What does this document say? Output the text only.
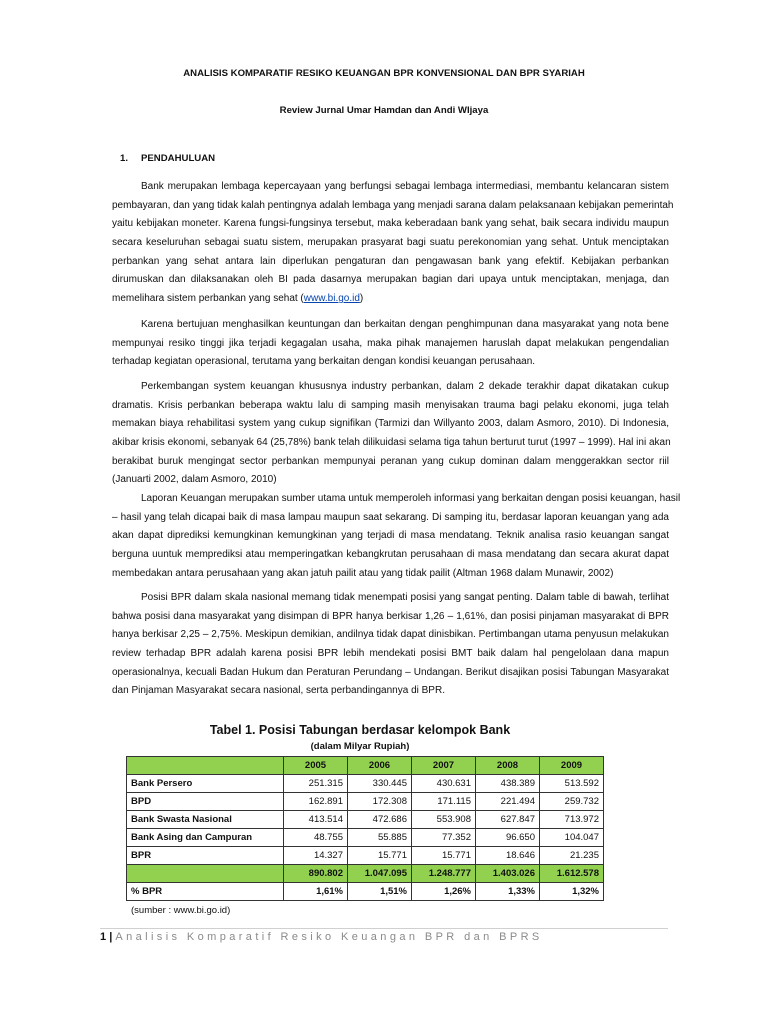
ANALISIS KOMPARATIF RESIKO KEUANGAN BPR KONVENSIONAL DAN BPR SYARIAH
Review Jurnal Umar Hamdan dan Andi WIjaya
1. PENDAHULUAN
Bank merupakan lembaga kepercayaan yang berfungsi sebagai lembaga intermediasi, membantu kelancaran sistem
pembayaran, dan yang tidak kalah pentingnya adalah lembaga yang menjadi sarana dalam pelaksanaan kebijakan pemerintah
yaitu kebijakan moneter. Karena fungsi-fungsinya tersebut, maka keberadaan bank yang sehat, baik secara individu maupun
secara keseluruhan sebagai suatu sistem, merupakan prasyarat bagi suatu perekonomian yang sehat. Untuk menciptakan
perbankan yang sehat antara lain diperlukan pengaturan dan pengawasan bank yang efektif. Kebijakan perbankan
dirumuskan dan dilaksanakan oleh BI pada dasarnya merupakan bagian dari upaya untuk menciptakan, menjaga, dan
memelihara sistem perbankan yang sehat (www.bi.go.id)
Karena bertujuan menghasilkan keuntungan dan berkaitan dengan penghimpunan dana masyarakat yang nota bene
mempunyai resiko tinggi jika terjadi kegagalan usaha, maka pihak manajemen haruslah dapat melakukan pengendalian
terhadap kegiatan operasional, terutama yang berkaitan dengan kondisi keuangan perusahaan.
Perkembangan system keuangan khususnya industry perbankan, dalam 2 dekade terakhir dapat dikatakan cukup
dramatis. Krisis perbankan beberapa waktu lalu di samping masih menyisakan trauma bagi pelaku ekonomi, juga telah
memakan biaya rehabilitasi system yang cukup signifikan (Tarmizi dan Willyanto 2003, dalam Asmoro, 2010). Di Indonesia,
akibar krisis ekonomi, sebanyak 64 (25,78%) bank telah dilikuidasi selama tiga tahun berturut turut (1997 – 1999). Hal ini akan
berakibat buruk mengingat sector perbankan mempunyai peranan yang cukup dominan dalam menggerakkan sector riil
(Januarti 2002, dalam Asmoro, 2010)
Laporan Keuangan merupakan sumber utama untuk memperoleh informasi yang berkaitan dengan posisi keuangan, hasil
– hasil yang telah dicapai baik di masa lampau maupun saat sekarang. Di samping itu, berdasar laporan keuangan yang ada
akan dapat diprediksi kemungkinan kemungkinan yang terjadi di masa mendatang. Teknik analisa rasio keuangan sangat
berguna uuntuk memprediksi atau memperingatkan kebangkrutan perusahaan di masa mendatang dan secara akurat dapat
membedakan antara perusahaan yang akan jatuh pailit atau yang tidak pailit (Altman 1968 dalam Munawir, 2002)
Posisi BPR dalam skala nasional memang tidak menempati posisi yang sangat penting. Dalam table di bawah, terlihat
bahwa posisi dana masyarakat yang disimpan di BPR hanya berkisar 1,26 – 1,61%, dan posisi pinjaman masyarakat di BPR
hanya berkisar 2,25 – 2,75%. Meskipun demikian, andilnya tidak dapat dinisbikan. Pertimbangan utama penyusun melakukan
review terhadap BPR adalah karena posisi BPR lebih mendekati posisi BMT baik dalam hal pengelolaan dana mapun
operasionalnya, kecuali Badan Hukum dan Peraturan Perundang – Undangan. Berikut disajikan posisi Tabungan Masyarakat
dan Pinjaman Masyarakat secara nasional, serta perbandingannya di BPR.
Tabel 1. Posisi Tabungan berdasar kelompok Bank
(dalam Milyar Rupiah)
	2005	2006	2007	2008	2009
Bank Persero	251.315	330.445	430.631	438.389	513.592
BPD	162.891	172.308	171.115	221.494	259.732
Bank Swasta Nasional	413.514	472.686	553.908	627.847	713.972
Bank Asing dan Campuran	48.755	55.885	77.352	96.650	104.047
BPR	14.327	15.771	15.771	18.646	21.235
	890.802	1.047.095	1.248.777	1.403.026	1.612.578
% BPR	1,61%	1,51%	1,26%	1,33%	1,32%
(sumber : www.bi.go.id)
1 | Analisis Komparatif Resiko Keuangan BPR dan BPRS
